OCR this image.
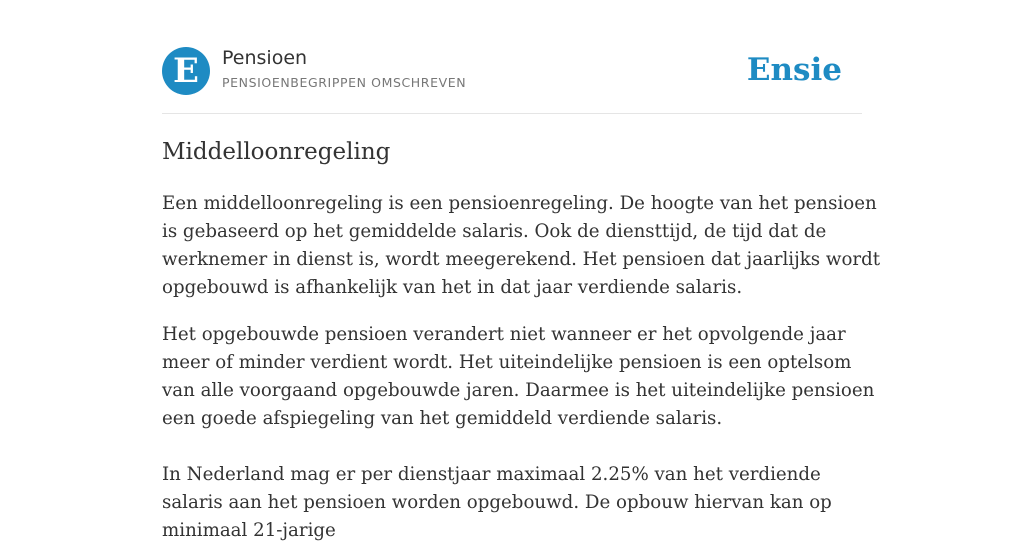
E	Pensioen
PENSIOENBEGRIPPEN OMSCHREVEN	Ensie
Middelloonregeling

Een middelloonregeling is een pensioenregeling. De hoogte van het pensioen is gebaseerd op het gemiddelde salaris. Ook de diensttijd, de tijd dat de werknemer in dienst is, wordt meegerekend. Het pensioen dat jaarlijks wordt opgebouwd is afhankelijk van het in dat jaar verdiende salaris.

Het opgebouwde pensioen verandert niet wanneer er het opvolgende jaar meer of minder verdient wordt. Het uiteindelijke pensioen is een optelsom van alle voorgaand opgebouwde jaren. Daarmee is het uiteindelijke pensioen een goede afspiegeling van het gemiddeld verdiende salaris.

In Nederland mag er per dienstjaar maximaal 2.25% van het verdiende salaris aan het pensioen worden opgebouwd. De opbouw hiervan kan op minimaal 21-jarige
